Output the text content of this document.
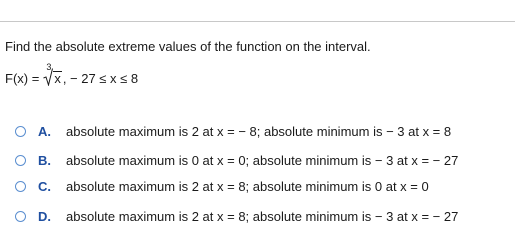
Find the absolute extreme values of the function on the interval.
F(x) =
3
x , − 27 ≤ x ≤ 8
A.	absolute maximum is 2 at x = − 8; absolute minimum is − 3 at x = 8
B.	absolute maximum is 0 at x = 0; absolute minimum is − 3 at x = − 27
C.	absolute maximum is 2 at x = 8; absolute minimum is 0 at x = 0
D.	absolute maximum is 2 at x = 8; absolute minimum is − 3 at x = − 27
